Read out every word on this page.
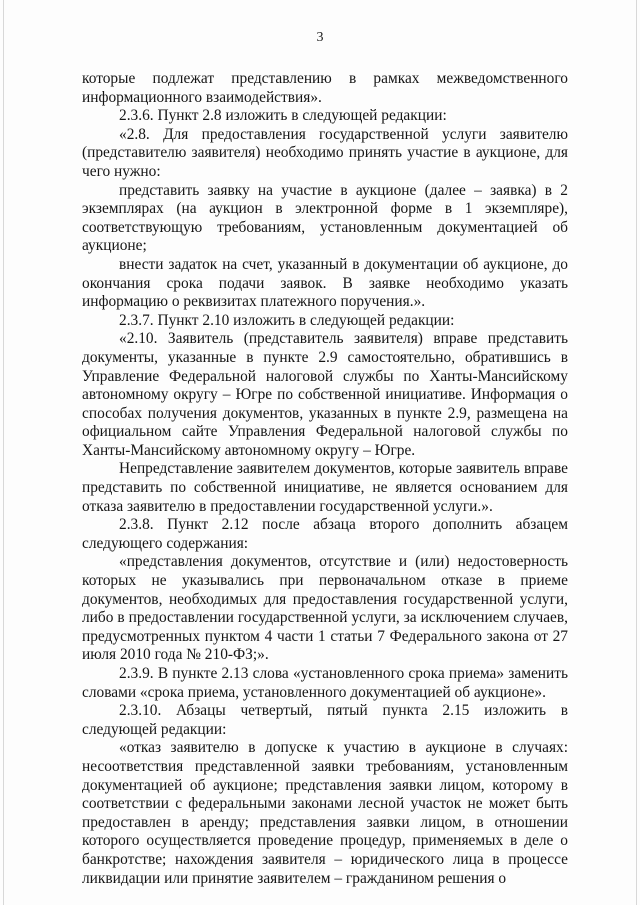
3

которые подлежат представлению в рамках межведомственного информационного взаимодействия».

2.3.6. Пункт 2.8 изложить в следующей редакции:

«2.8. Для предоставления государственной услуги заявителю (представителю заявителя) необходимо принять участие в аукционе, для чего нужно:

представить заявку на участие в аукционе (далее – заявка) в 2 экземплярах (на аукцион в электронной форме в 1 экземпляре), соответствующую требованиям, установленным документацией об аукционе;

внести задаток на счет, указанный в документации об аукционе, до окончания срока подачи заявок. В заявке необходимо указать информацию о реквизитах платежного поручения.».

2.3.7. Пункт 2.10 изложить в следующей редакции:

«2.10. Заявитель (представитель заявителя) вправе представить документы, указанные в пункте 2.9 самостоятельно, обратившись в Управление Федеральной налоговой службы по Ханты-Мансийскому автономному округу – Югре по собственной инициативе. Информация о способах получения документов, указанных в пункте 2.9, размещена на официальном сайте Управления Федеральной налоговой службы по Ханты-Мансийскому автономному округу – Югре.

Непредставление заявителем документов, которые заявитель вправе представить по собственной инициативе, не является основанием для отказа заявителю в предоставлении государственной услуги.».

2.3.8. Пункт 2.12 после абзаца второго дополнить абзацем следующего содержания:

«представления документов, отсутствие и (или) недостоверность которых не указывались при первоначальном отказе в приеме документов, необходимых для предоставления государственной услуги, либо в предоставлении государственной услуги, за исключением случаев, предусмотренных пунктом 4 части 1 статьи 7 Федерального закона от 27 июля 2010 года № 210-ФЗ;».

2.3.9. В пункте 2.13 слова «установленного срока приема» заменить словами «срока приема, установленного документацией об аукционе».

2.3.10. Абзацы четвертый, пятый пункта 2.15 изложить в следующей редакции:

«отказ заявителю в допуске к участию в аукционе в случаях: несоответствия представленной заявки требованиям, установленным документацией об аукционе; представления заявки лицом, которому в соответствии с федеральными законами лесной участок не может быть предоставлен в аренду; представления заявки лицом, в отношении которого осуществляется проведение процедур, применяемых в деле о банкротстве; нахождения заявителя – юридического лица в процессе ликвидации или принятие заявителем – гражданином решения о
